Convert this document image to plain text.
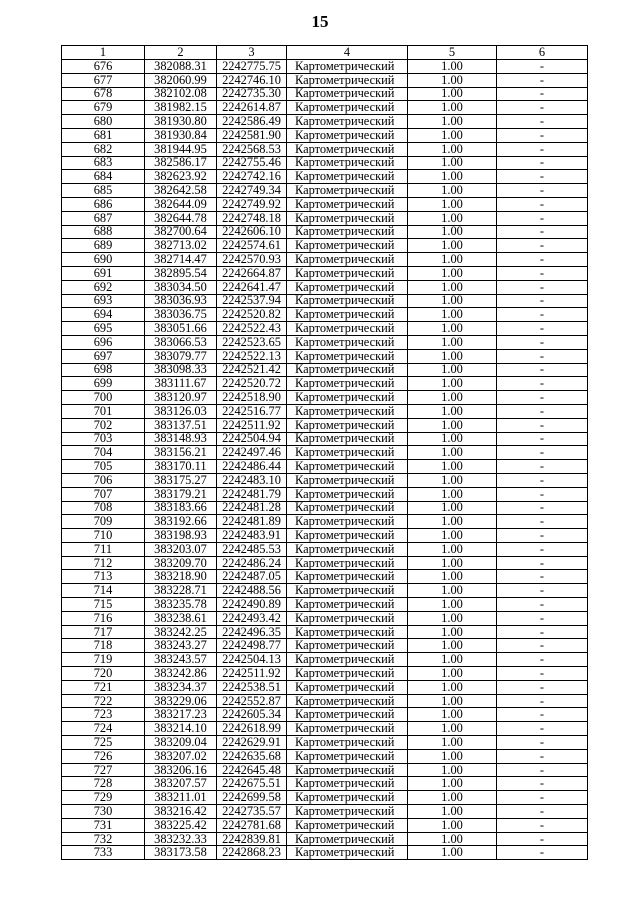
15
1	2	3	4	5	6
676	382088.31	2242775.75	Картометрический	1.00	-
677	382060.99	2242746.10	Картометрический	1.00	-
678	382102.08	2242735.30	Картометрический	1.00	-
679	381982.15	2242614.87	Картометрический	1.00	-
680	381930.80	2242586.49	Картометрический	1.00	-
681	381930.84	2242581.90	Картометрический	1.00	-
682	381944.95	2242568.53	Картометрический	1.00	-
683	382586.17	2242755.46	Картометрический	1.00	-
684	382623.92	2242742.16	Картометрический	1.00	-
685	382642.58	2242749.34	Картометрический	1.00	-
686	382644.09	2242749.92	Картометрический	1.00	-
687	382644.78	2242748.18	Картометрический	1.00	-
688	382700.64	2242606.10	Картометрический	1.00	-
689	382713.02	2242574.61	Картометрический	1.00	-
690	382714.47	2242570.93	Картометрический	1.00	-
691	382895.54	2242664.87	Картометрический	1.00	-
692	383034.50	2242641.47	Картометрический	1.00	-
693	383036.93	2242537.94	Картометрический	1.00	-
694	383036.75	2242520.82	Картометрический	1.00	-
695	383051.66	2242522.43	Картометрический	1.00	-
696	383066.53	2242523.65	Картометрический	1.00	-
697	383079.77	2242522.13	Картометрический	1.00	-
698	383098.33	2242521.42	Картометрический	1.00	-
699	383111.67	2242520.72	Картометрический	1.00	-
700	383120.97	2242518.90	Картометрический	1.00	-
701	383126.03	2242516.77	Картометрический	1.00	-
702	383137.51	2242511.92	Картометрический	1.00	-
703	383148.93	2242504.94	Картометрический	1.00	-
704	383156.21	2242497.46	Картометрический	1.00	-
705	383170.11	2242486.44	Картометрический	1.00	-
706	383175.27	2242483.10	Картометрический	1.00	-
707	383179.21	2242481.79	Картометрический	1.00	-
708	383183.66	2242481.28	Картометрический	1.00	-
709	383192.66	2242481.89	Картометрический	1.00	-
710	383198.93	2242483.91	Картометрический	1.00	-
711	383203.07	2242485.53	Картометрический	1.00	-
712	383209.70	2242486.24	Картометрический	1.00	-
713	383218.90	2242487.05	Картометрический	1.00	-
714	383228.71	2242488.56	Картометрический	1.00	-
715	383235.78	2242490.89	Картометрический	1.00	-
716	383238.61	2242493.42	Картометрический	1.00	-
717	383242.25	2242496.35	Картометрический	1.00	-
718	383243.27	2242498.77	Картометрический	1.00	-
719	383243.57	2242504.13	Картометрический	1.00	-
720	383242.86	2242511.92	Картометрический	1.00	-
721	383234.37	2242538.51	Картометрический	1.00	-
722	383229.06	2242552.87	Картометрический	1.00	-
723	383217.23	2242605.34	Картометрический	1.00	-
724	383214.10	2242618.99	Картометрический	1.00	-
725	383209.04	2242629.91	Картометрический	1.00	-
726	383207.02	2242635.68	Картометрический	1.00	-
727	383206.16	2242645.48	Картометрический	1.00	-
728	383207.57	2242675.51	Картометрический	1.00	-
729	383211.01	2242699.58	Картометрический	1.00	-
730	383216.42	2242735.57	Картометрический	1.00	-
731	383225.42	2242781.68	Картометрический	1.00	-
732	383232.33	2242839.81	Картометрический	1.00	-
733	383173.58	2242868.23	Картометрический	1.00	-
